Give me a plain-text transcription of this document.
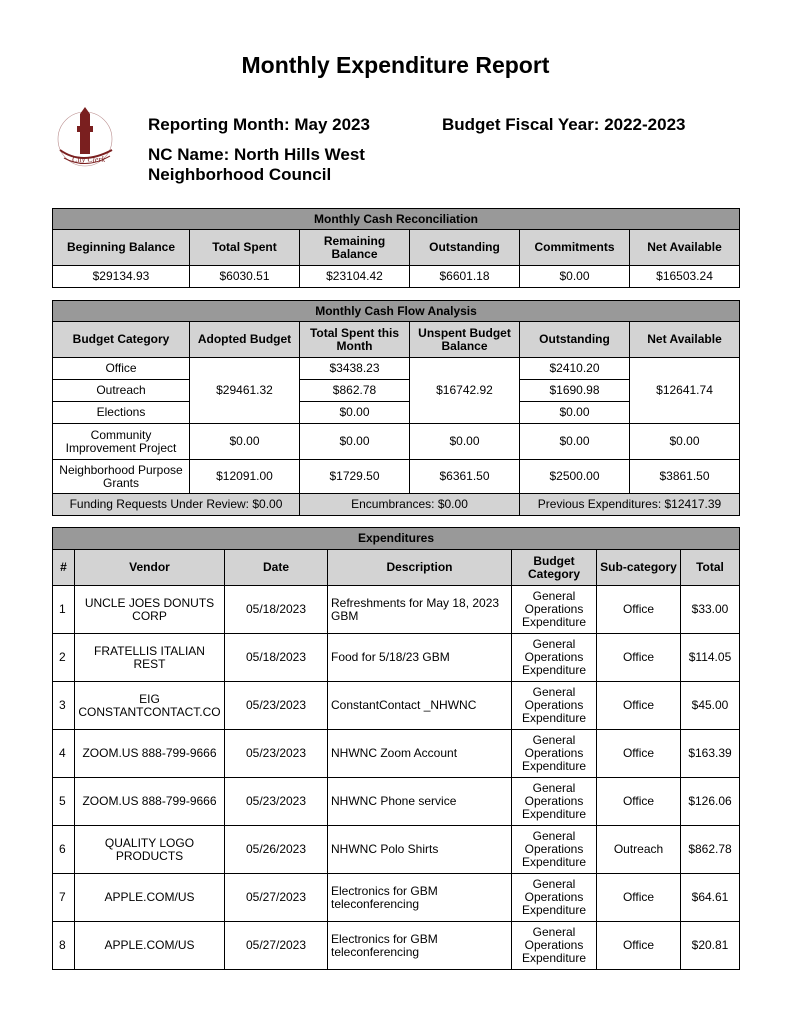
Monthly Expenditure Report
City Clerk
Reporting Month: May 2023	Budget Fiscal Year: 2022-2023
NC Name: North Hills West
Neighborhood Council
Monthly Cash Reconciliation					
Beginning Balance	Total Spent	Remaining Balance	Outstanding	Commitments	Net Available
$29134.93	$6030.51	$23104.42	$6601.18	$0.00	$16503.24
Monthly Cash Flow Analysis					
Budget Category	Adopted Budget	Total Spent this Month	Unspent Budget Balance	Outstanding	Net Available
Office	$29461.32	$3438.23	$16742.92	$2410.20	$12641.74
Outreach		$862.78		$1690.98	
Elections		$0.00		$0.00	
Community Improvement Project	$0.00	$0.00	$0.00	$0.00	$0.00
Neighborhood Purpose Grants	$12091.00	$1729.50	$6361.50	$2500.00	$3861.50
Funding Requests Under Review: $0.00		Encumbrances: $0.00		Previous Expenditures: $12417.39	
Expenditures						
#	Vendor	Date	Description	Budget Category	Sub-category	Total
1	UNCLE JOES DONUTS CORP	05/18/2023	Refreshments for May 18, 2023 GBM	General Operations Expenditure	Office	$33.00
2	FRATELLIS ITALIAN REST	05/18/2023	Food for 5/18/23 GBM	General Operations Expenditure	Office	$114.05
3	EIG CONSTANTCONTACT.CO	05/23/2023	ConstantContact _NHWNC	General Operations Expenditure	Office	$45.00
4	ZOOM.US 888-799-9666	05/23/2023	NHWNC Zoom Account	General Operations Expenditure	Office	$163.39
5	ZOOM.US 888-799-9666	05/23/2023	NHWNC Phone service	General Operations Expenditure	Office	$126.06
6	QUALITY LOGO PRODUCTS	05/26/2023	NHWNC Polo Shirts	General Operations Expenditure	Outreach	$862.78
7	APPLE.COM/US	05/27/2023	Electronics for GBM teleconferencing	General Operations Expenditure	Office	$64.61
8	APPLE.COM/US	05/27/2023	Electronics for GBM teleconferencing	General Operations Expenditure	Office	$20.81
